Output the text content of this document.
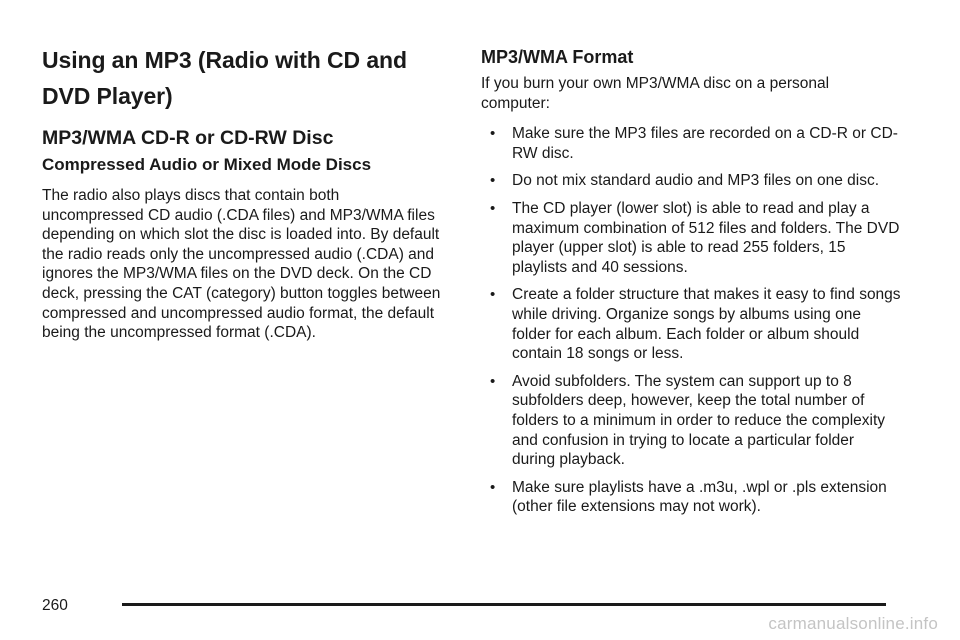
Using an MP3 (Radio with CD and DVD Player)
MP3/WMA CD-R or CD-RW Disc
Compressed Audio or Mixed Mode Discs

The radio also plays discs that contain both uncompressed CD audio (.CDA files) and MP3/WMA files depending on which slot the disc is loaded into. By default the radio reads only the uncompressed audio (.CDA) and ignores the MP3/WMA files on the DVD deck. On the CD deck, pressing the CAT (category) button toggles between compressed and uncompressed audio format, the default being the uncompressed format (.CDA).

MP3/WMA Format

If you burn your own MP3/WMA disc on a personal computer:

• Make sure the MP3 files are recorded on a CD-R or CD-RW disc.
• Do not mix standard audio and MP3 files on one disc.
• The CD player (lower slot) is able to read and play a maximum combination of 512 files and folders. The DVD player (upper slot) is able to read 255 folders, 15 playlists and 40 sessions.
• Create a folder structure that makes it easy to find songs while driving. Organize songs by albums using one folder for each album. Each folder or album should contain 18 songs or less.
• Avoid subfolders. The system can support up to 8 subfolders deep, however, keep the total number of folders to a minimum in order to reduce the complexity and confusion in trying to locate a particular folder during playback.
• Make sure playlists have a .m3u, .wpl or .pls extension (other file extensions may not work).
260
carmanualsonline.info
